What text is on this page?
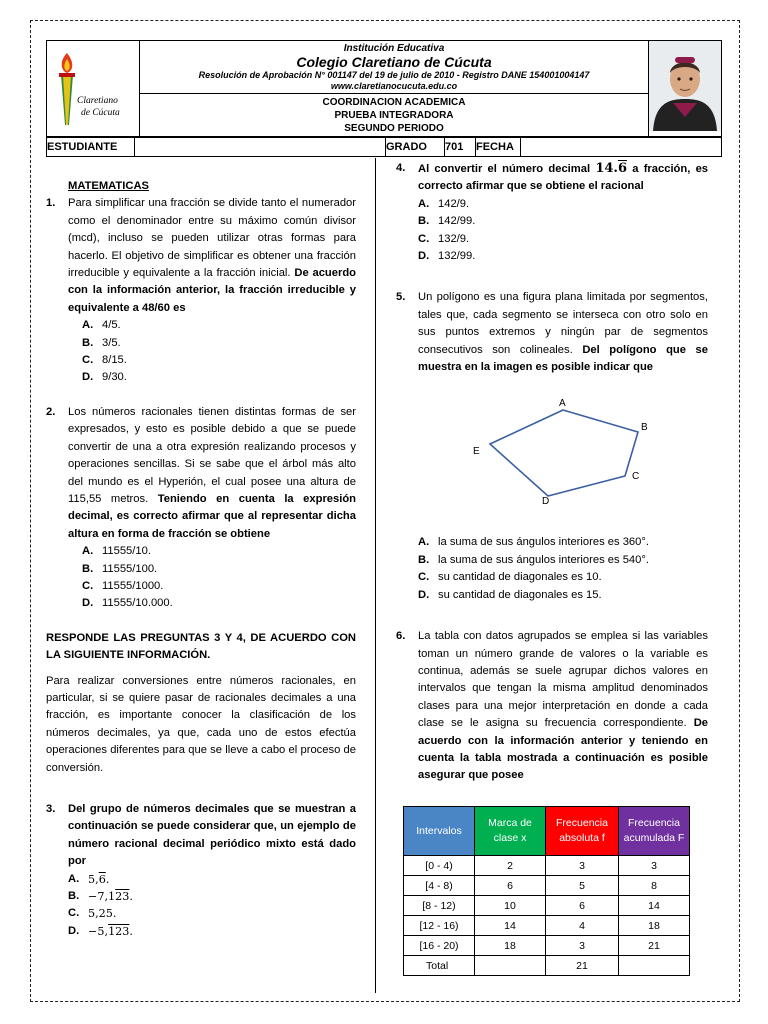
Claretiano
de Cúcuta

Institución Educativa
Colegio Claretiano de Cúcuta
Resolución de Aprobación N° 001147 del 19 de julio de 2010 - Registro DANE 154001004147
www.claretianocucuta.edu.co

COORDINACION ACADEMICA
PRUEBA INTEGRADORA
SEGUNDO PERIODO
ESTUDIANTE		GRADO	701	FECHA	
MATEMATICAS
1.	Para simplificar una fracción se divide tanto el numerador como el denominador entre su máximo común divisor (mcd), incluso se pueden utilizar otras formas para hacerlo. El objetivo de simplificar es obtener una fracción irreducible y equivalente a la fracción inicial. De acuerdo con la información anterior, la fracción irreducible y equivalente a 48/60 es
A. 4/5.
B. 3/5.
C. 8/15.
D. 9/30.
2.	Los números racionales tienen distintas formas de ser expresados, y esto es posible debido a que se puede convertir de una a otra expresión realizando procesos y operaciones sencillas. Si se sabe que el árbol más alto del mundo es el Hyperión, el cual posee una altura de 115,55 metros. Teniendo en cuenta la expresión decimal, es correcto afirmar que al representar dicha altura en forma de fracción se obtiene
A. 11555/10.
B. 11555/100.
C. 11555/1000.
D. 11555/10.000.
RESPONDE LAS PREGUNTAS 3 Y 4, DE ACUERDO CON LA SIGUIENTE INFORMACIÓN.
Para realizar conversiones entre números racionales, en particular, si se quiere pasar de racionales decimales a una fracción, es importante conocer la clasificación de los números decimales, ya que, cada uno de estos efectúa operaciones diferentes para que se lleve a cabo el proceso de conversión.
3.	Del grupo de números decimales que se muestran a continuación se puede considerar que, un ejemplo de número racional decimal periódico mixto está dado por
A. 5,6.
B. −7,123.
C. 5,25.
D. −5,123.
4.	Al convertir el número decimal 14.6 a fracción, es correcto afirmar que se obtiene el racional
A. 142/9.
B. 142/99.
C. 132/9.
D. 132/99.
5.	Un polígono es una figura plana limitada por segmentos, tales que, cada segmento se interseca con otro solo en sus puntos extremos y ningún par de segmentos consecutivos son colineales. Del polígono que se muestra en la imagen es posible indicar que
A. la suma de sus ángulos interiores es 360°.
B. la suma de sus ángulos interiores es 540°.
C. su cantidad de diagonales es 10.
D. su cantidad de diagonales es 15.
6.	La tabla con datos agrupados se emplea si las variables toman un número grande de valores o la variable es continua, además se suele agrupar dichos valores en intervalos que tengan la misma amplitud denominados clases para una mejor interpretación en donde a cada clase se le asigna su frecuencia correspondiente. De acuerdo con la información anterior y teniendo en cuenta la tabla mostrada a continuación es posible asegurar que posee
A
B
C
D
E
Intervalos	Marca de clase x	Frecuencia absoluta f	Frecuencia acumulada F
[0 - 4)	2	3	3
[4 - 8)	6	5	8
[8 - 12)	10	6	14
[12 - 16)	14	4	18
[16 - 20)	18	3	21
Total		21	
